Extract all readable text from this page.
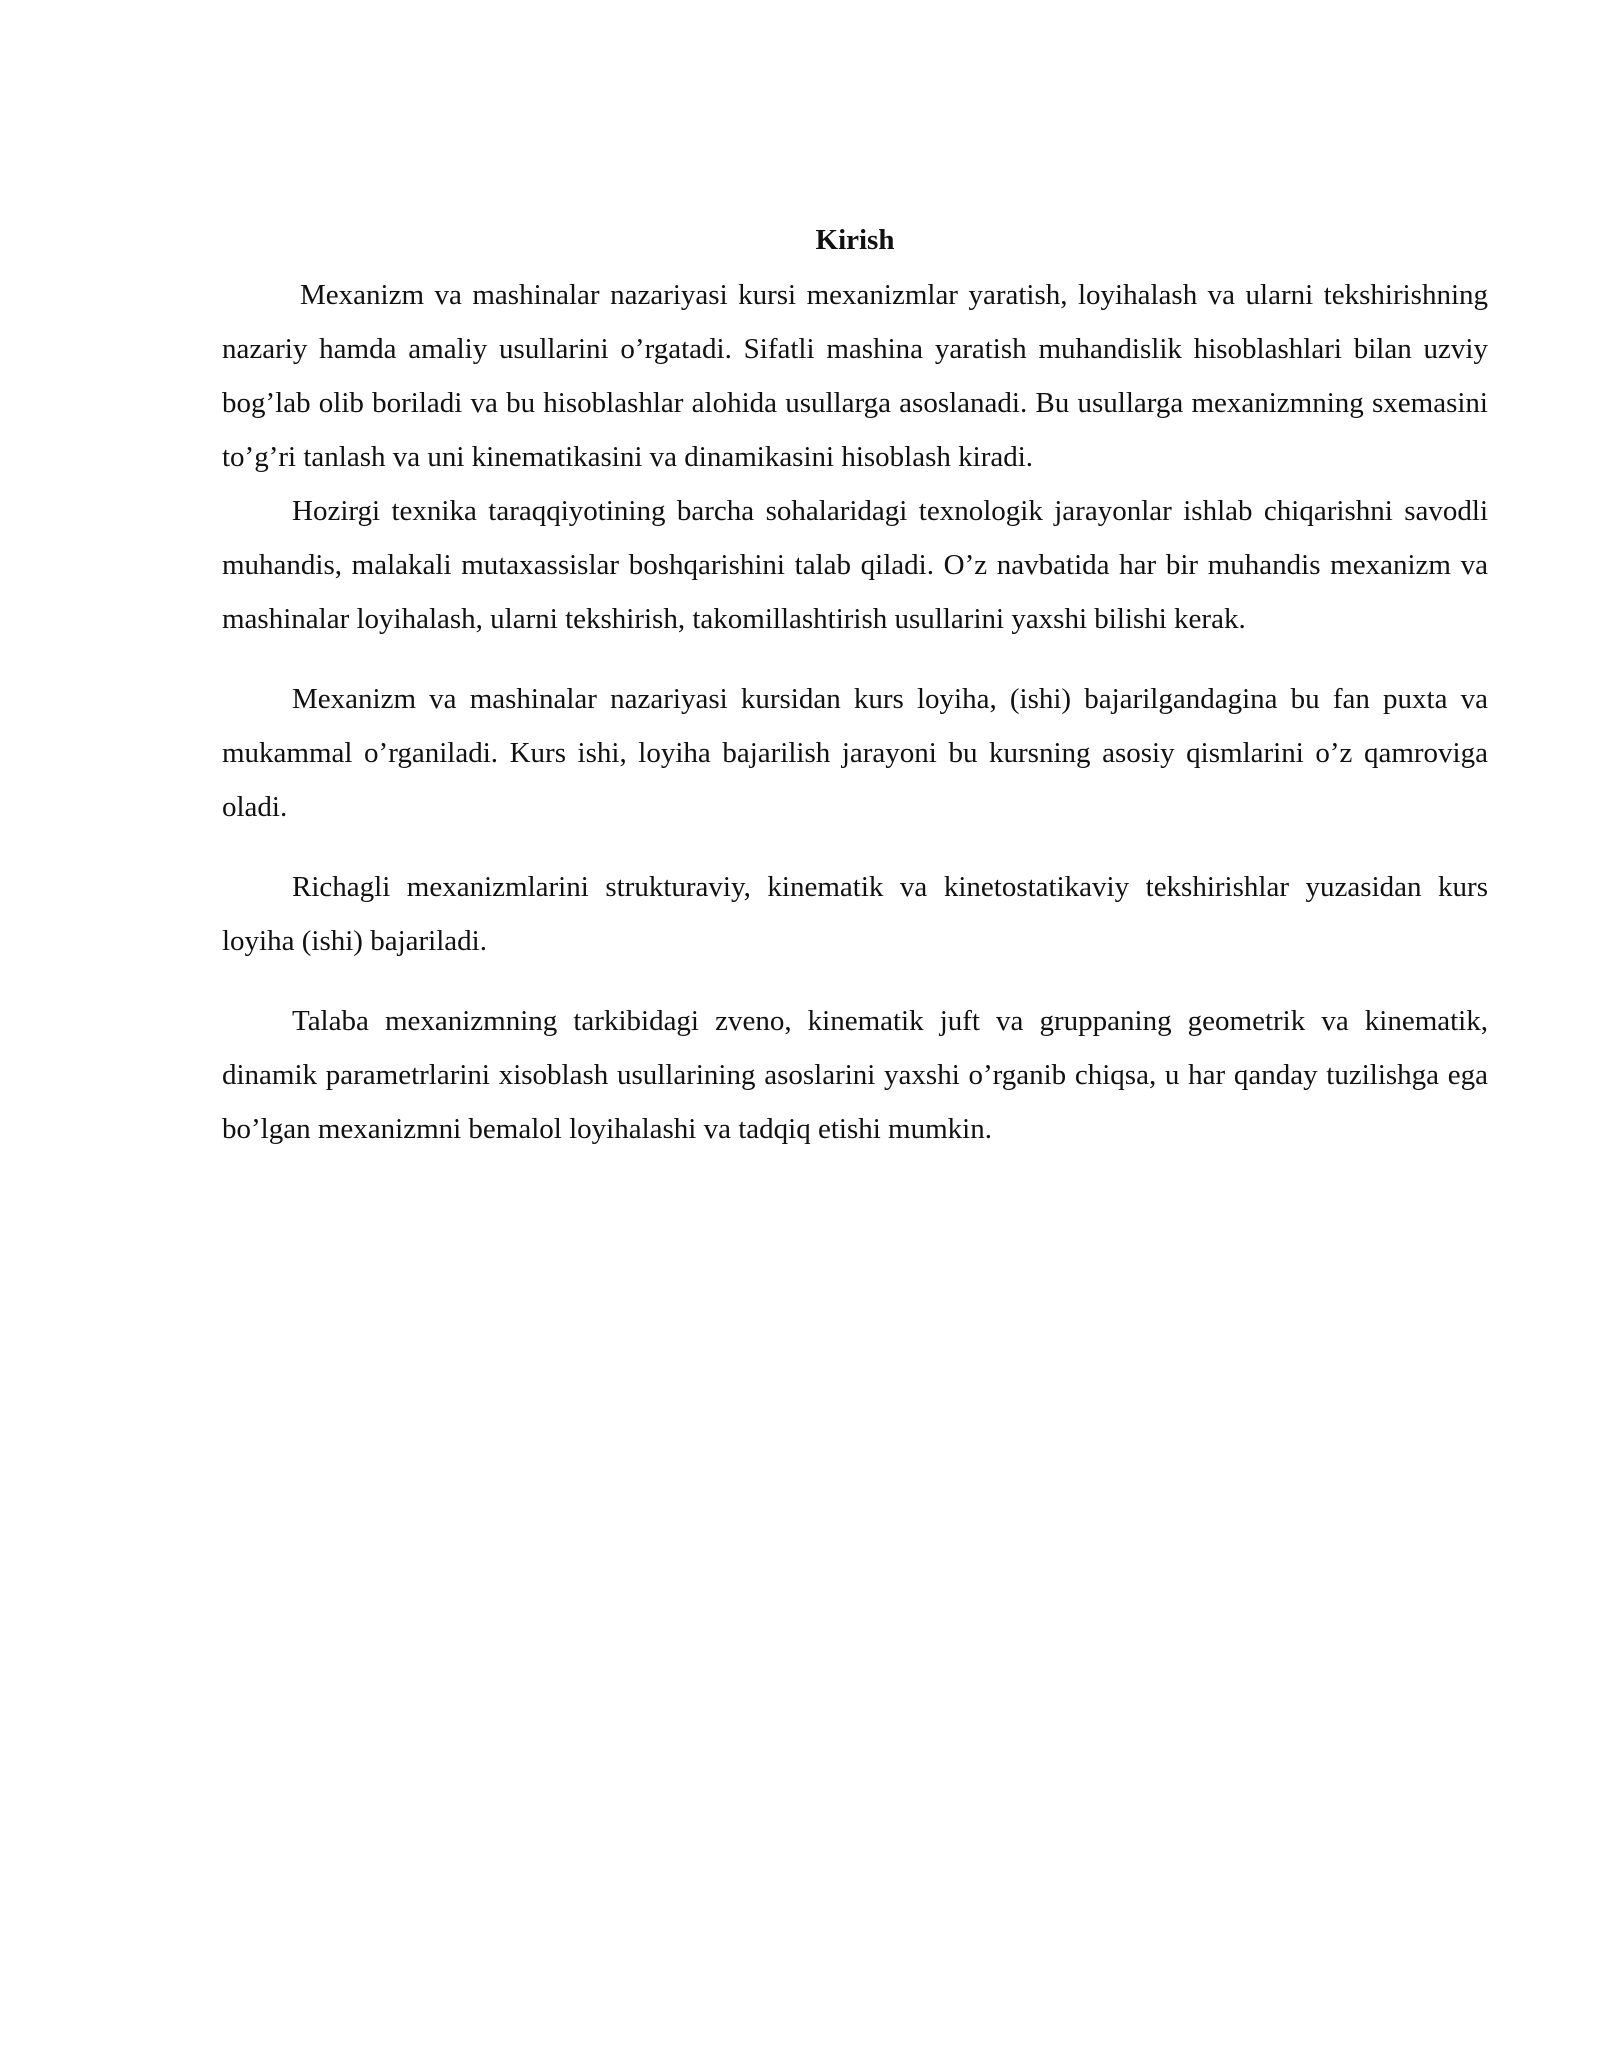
Kirish

Mexanizm va mashinalar nazariyasi kursi mexanizmlar yaratish, loyihalash va ularni tekshirishning nazariy hamda amaliy usullarini o’rgatadi. Sifatli mashina yaratish muhandislik hisoblashlari bilan uzviy bog’lab olib boriladi va bu hisoblashlar alohida usullarga asoslanadi. Bu usullarga mexanizmning sxemasini to’g’ri tanlash va uni kinematikasini va dinamikasini hisoblash kiradi.

Hozirgi texnika taraqqiyotining barcha sohalaridagi texnologik jarayonlar ishlab chiqarishni savodli muhandis, malakali mutaxassislar boshqarishini talab qiladi. O’z navbatida har bir muhandis mexanizm va mashinalar loyihalash, ularni tekshirish, takomillashtirish usullarini yaxshi bilishi kerak.

Mexanizm va mashinalar nazariyasi kursidan kurs loyiha, (ishi) bajarilgandagina bu fan puxta va mukammal o’rganiladi. Kurs ishi, loyiha bajarilish jarayoni bu kursning asosiy qismlarini o’z qamroviga oladi.

Richagli mexanizmlarini strukturaviy, kinematik va kinetostatikaviy tekshirishlar yuzasidan kurs loyiha (ishi) bajariladi.

Talaba mexanizmning tarkibidagi zveno, kinematik juft va gruppaning geometrik va kinematik, dinamik parametrlarini xisoblash usullarining asoslarini yaxshi o’rganib chiqsa, u har qanday tuzilishga ega bo’lgan mexanizmni bemalol loyihalashi va tadqiq etishi mumkin.
